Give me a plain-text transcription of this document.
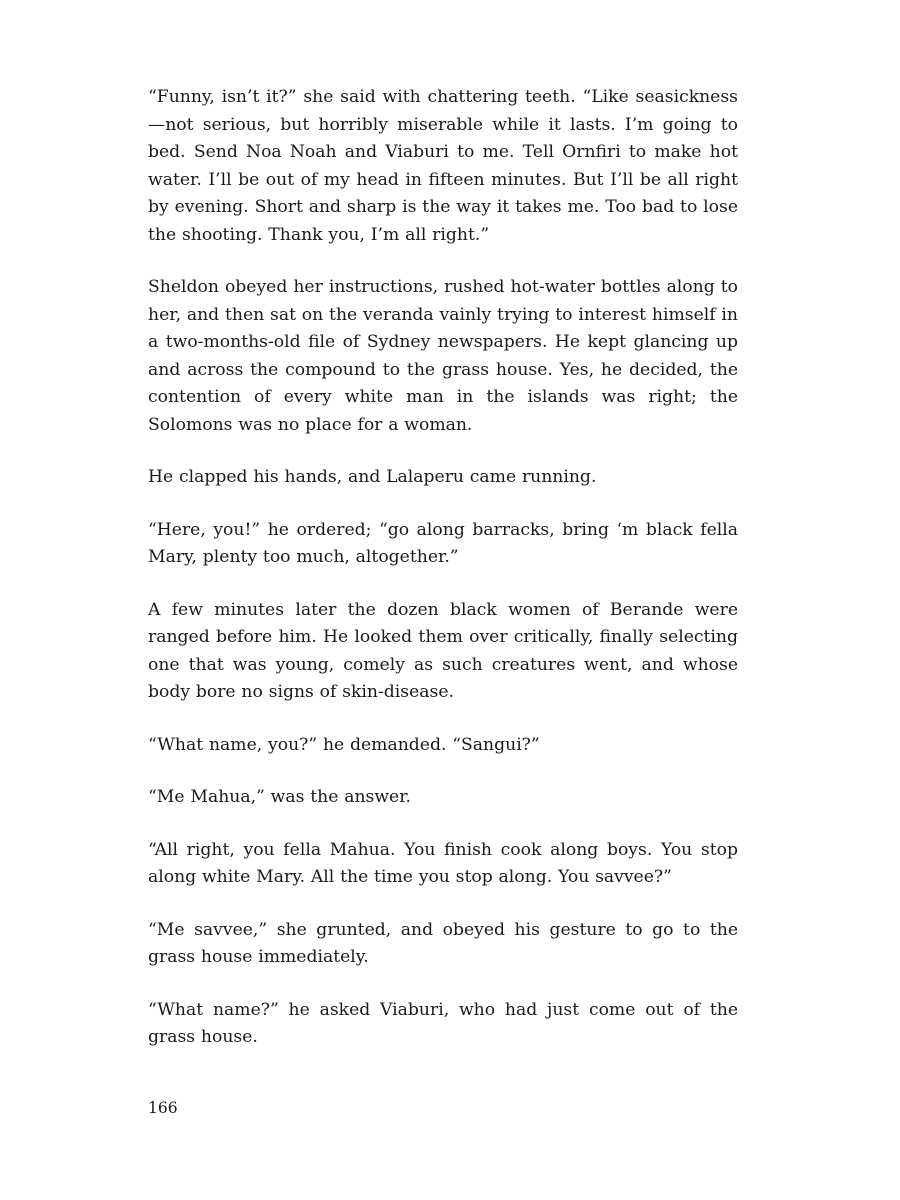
“Funny, isn’t it?” she said with chattering teeth. “Like seasickness—not serious, but horribly miserable while it lasts. I’m going to bed. Send Noa Noah and Viaburi to me. Tell Ornfiri to make hot water. I’ll be out of my head in fifteen minutes. But I’ll be all right by evening. Short and sharp is the way it takes me. Too bad to lose the shooting. Thank you, I’m all right.”

Sheldon obeyed her instructions, rushed hot-water bottles along to her, and then sat on the veranda vainly trying to interest himself in a two-months-old file of Sydney newspapers. He kept glancing up and across the compound to the grass house. Yes, he decided, the contention of every white man in the islands was right; the Solomons was no place for a woman.

He clapped his hands, and Lalaperu came running.

“Here, you!” he ordered; “go along barracks, bring ‘m black fella Mary, plenty too much, altogether.”

A few minutes later the dozen black women of Berande were ranged before him. He looked them over critically, finally selecting one that was young, comely as such creatures went, and whose body bore no signs of skin-disease.

“What name, you?” he demanded. “Sangui?”

“Me Mahua,” was the answer.

“All right, you fella Mahua. You finish cook along boys. You stop along white Mary. All the time you stop along. You savvee?”

“Me savvee,” she grunted, and obeyed his gesture to go to the grass house immediately.

“What name?” he asked Viaburi, who had just come out of the grass house.

166
